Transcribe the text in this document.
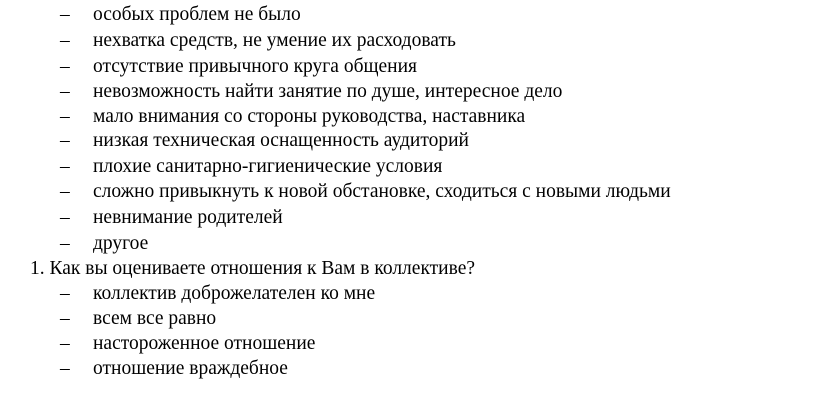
– особых проблем не было
– нехватка средств, не умение их расходовать
– отсутствие привычного круга общения
– невозможность найти занятие по душе, интересное дело
– мало внимания со стороны руководства, наставника
– низкая техническая оснащенность аудиторий
– плохие санитарно-гигиенические условия
– сложно привыкнуть к новой обстановке, сходиться с новыми людьми
– невнимание родителей
– другое
1. Как вы оцениваете отношения к Вам в коллективе?
– коллектив доброжелателен ко мне
– всем все равно
– настороженное отношение
– отношение враждебное
